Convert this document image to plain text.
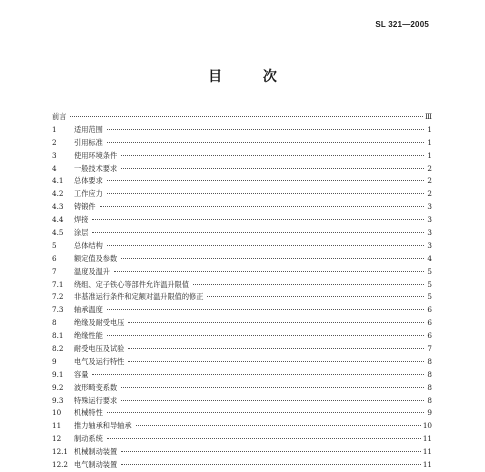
SL 321—2005
目 次
前言	Ⅲ
1	适用范围	1
2	引用标准	1
3	使用环境条件	1
4	一般技术要求	2
4.1	总体要求	2
4.2	工作应力	2
4.3	铸锻件	3
4.4	焊接	3
4.5	涂层	3
5	总体结构	3
6	额定值及参数	4
7	温度及温升	5
7.1	绕组、定子铁心等部件允许温升限值	5
7.2	非基准运行条件和定额对温升限值的修正	5
7.3	轴承温度	6
8	绝缘及耐受电压	6
8.1	绝缘性能	6
8.2	耐受电压及试验	7
9	电气及运行特性	8
9.1	容量	8
9.2	波形畸变系数	8
9.3	特殊运行要求	8
10	机械特性	9
11	推力轴承和导轴承	10
12	制动系统	11
12.1 机械制动装置	11
12.2 电气制动装置	11
